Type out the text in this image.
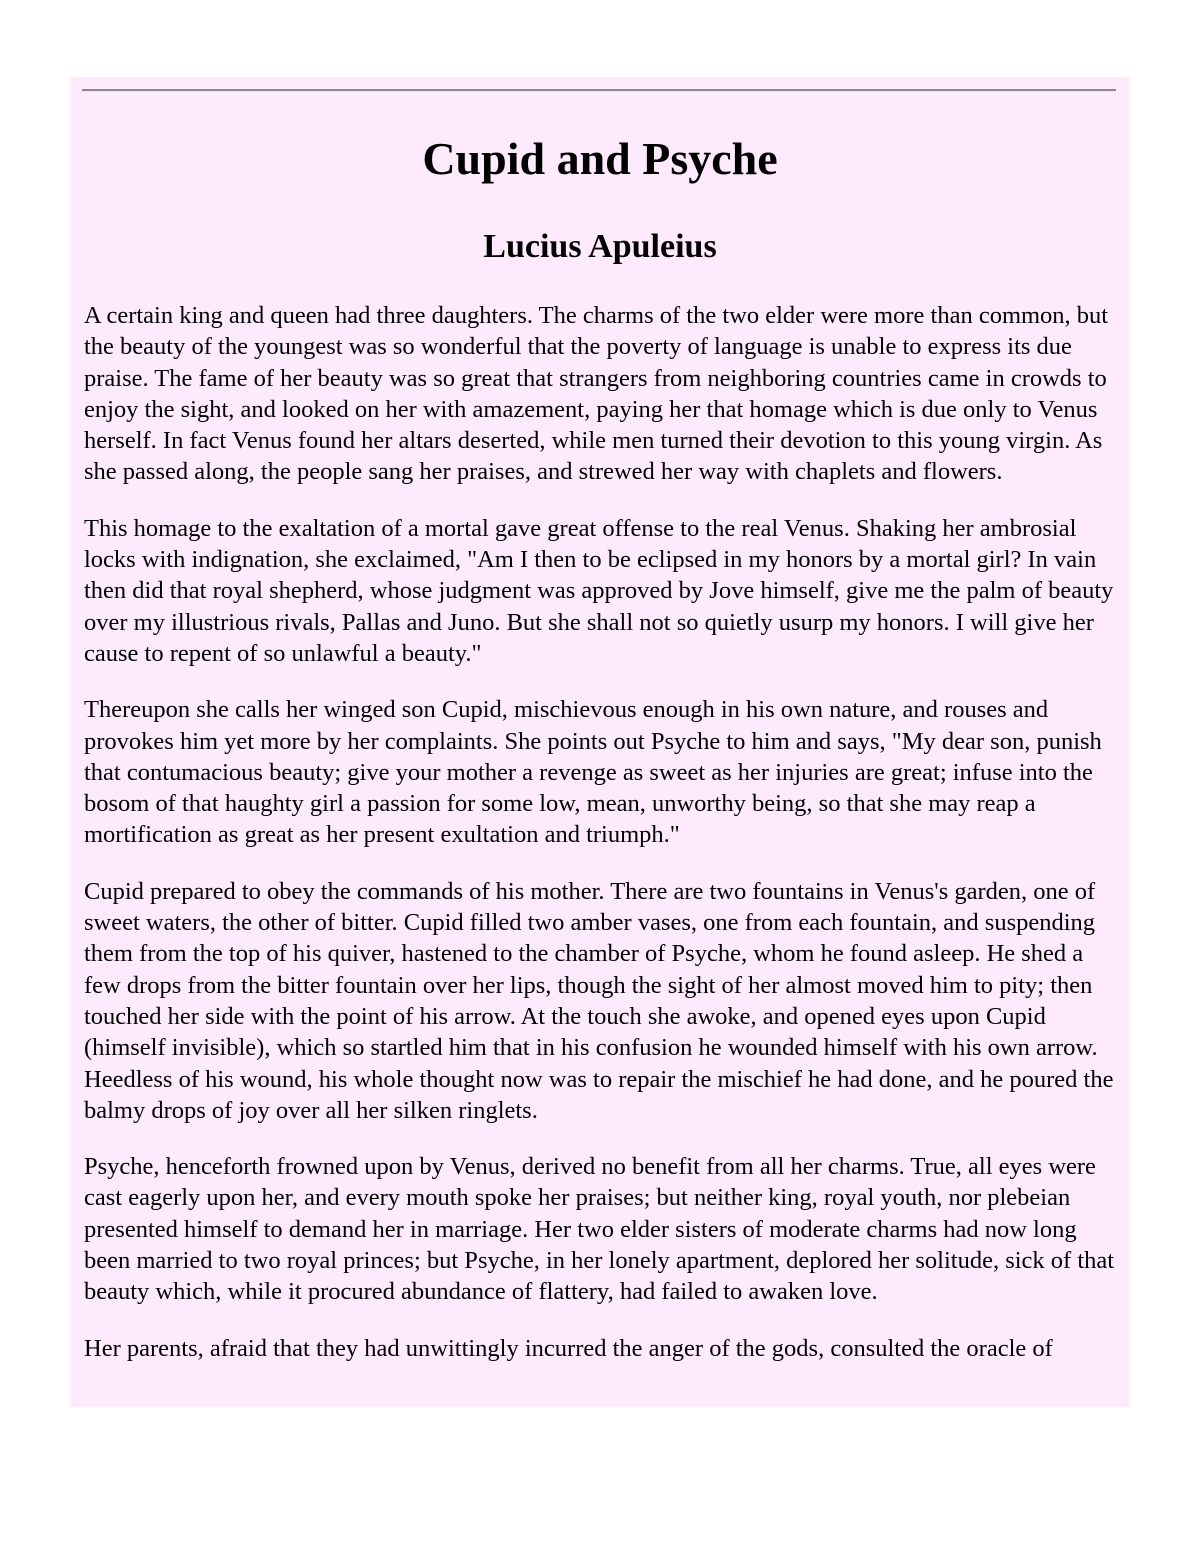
Cupid and Psyche
Lucius Apuleius

A certain king and queen had three daughters. The charms of the two elder were more than common, but the beauty of the youngest was so wonderful that the poverty of language is unable to express its due praise. The fame of her beauty was so great that strangers from neighboring countries came in crowds to enjoy the sight, and looked on her with amazement, paying her that homage which is due only to Venus herself. In fact Venus found her altars deserted, while men turned their devotion to this young virgin. As she passed along, the people sang her praises, and strewed her way with chaplets and flowers.

This homage to the exaltation of a mortal gave great offense to the real Venus. Shaking her ambrosial locks with indignation, she exclaimed, "Am I then to be eclipsed in my honors by a mortal girl? In vain then did that royal shepherd, whose judgment was approved by Jove himself, give me the palm of beauty over my illustrious rivals, Pallas and Juno. But she shall not so quietly usurp my honors. I will give her cause to repent of so unlawful a beauty."

Thereupon she calls her winged son Cupid, mischievous enough in his own nature, and rouses and provokes him yet more by her complaints. She points out Psyche to him and says, "My dear son, punish that contumacious beauty; give your mother a revenge as sweet as her injuries are great; infuse into the bosom of that haughty girl a passion for some low, mean, unworthy being, so that she may reap a mortification as great as her present exultation and triumph."

Cupid prepared to obey the commands of his mother. There are two fountains in Venus's garden, one of sweet waters, the other of bitter. Cupid filled two amber vases, one from each fountain, and suspending them from the top of his quiver, hastened to the chamber of Psyche, whom he found asleep. He shed a few drops from the bitter fountain over her lips, though the sight of her almost moved him to pity; then touched her side with the point of his arrow. At the touch she awoke, and opened eyes upon Cupid (himself invisible), which so startled him that in his confusion he wounded himself with his own arrow. Heedless of his wound, his whole thought now was to repair the mischief he had done, and he poured the balmy drops of joy over all her silken ringlets.

Psyche, henceforth frowned upon by Venus, derived no benefit from all her charms. True, all eyes were cast eagerly upon her, and every mouth spoke her praises; but neither king, royal youth, nor plebeian presented himself to demand her in marriage. Her two elder sisters of moderate charms had now long been married to two royal princes; but Psyche, in her lonely apartment, deplored her solitude, sick of that beauty which, while it procured abundance of flattery, had failed to awaken love.

Her parents, afraid that they had unwittingly incurred the anger of the gods, consulted the oracle of
